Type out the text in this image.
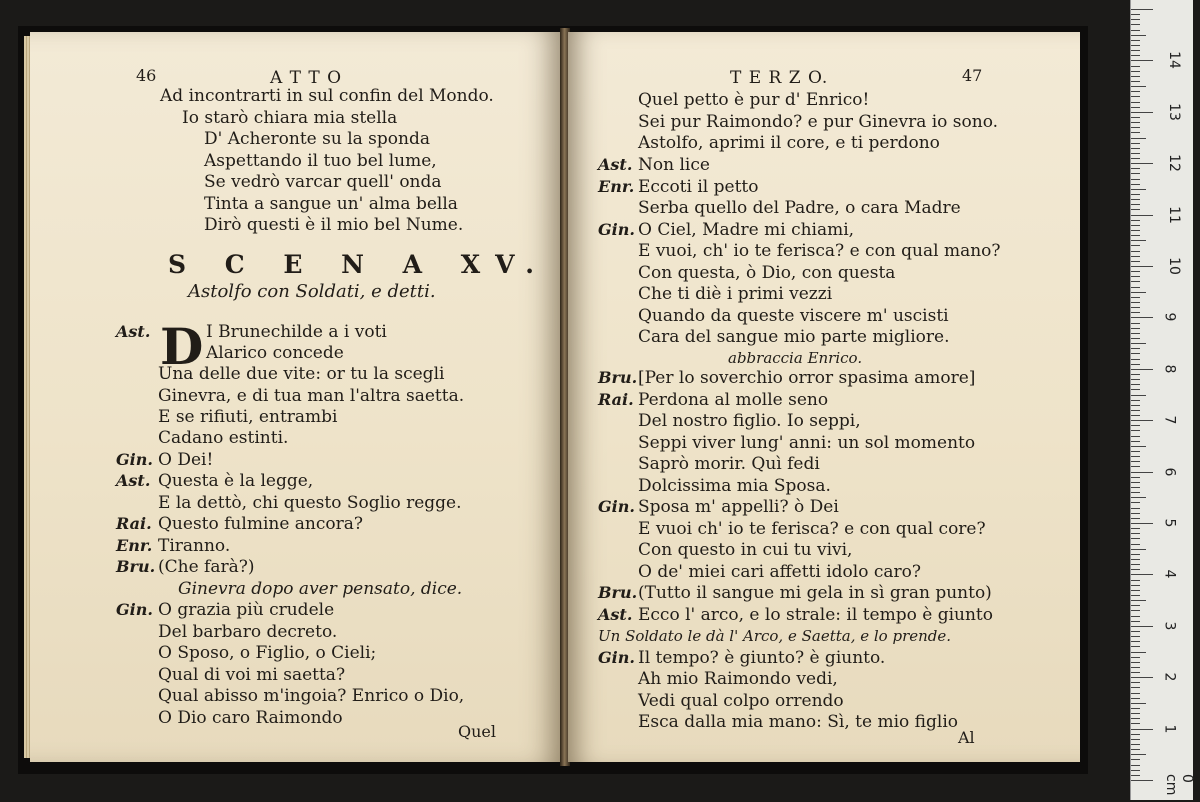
46	A T T O
Ad incontrarti in sul confin del Mondo.
Io starò chiara mia stella
D' Acheronte su la sponda
Aspettando il tuo bel lume,
Se vedrò varcar quell' onda
Tinta a sangue un' alma bella
Dirò questi è il mio bel Nume.
S C E N A XV.
Astolfo con Soldati, e detti.
D
Ast.	I Brunechilde a i voti
Alarico concede
Una delle due vite: or tu la scegli
Ginevra, e di tua man l'altra saetta.
E se rifiuti, entrambi
Cadano estinti.
Gin. O Dei!
Ast. Questa è la legge,
E la dettò, chi questo Soglio regge.
Rai. Questo fulmine ancora?
Enr. Tiranno.
Bru. (Che farà?)
Ginevra dopo aver pensato, dice.
Gin. O grazia più crudele
Del barbaro decreto.
O Sposo, o Figlio, o Cieli;
Qual di voi mi saetta?
Qual abisso m'ingoia? Enrico o Dio,
O Dio caro Raimondo
Quel
T E R Z O.	47
Quel petto è pur d' Enrico!
Sei pur Raimondo? e pur Ginevra io sono.
Astolfo, aprimi il core, e ti perdono
Ast. Non lice
Enr. Eccoti il petto
Serba quello del Padre, o cara Madre
Gin. O Ciel, Madre mi chiami,
E vuoi, ch' io te ferisca? e con qual mano?
Con questa, ò Dio, con questa
Che ti diè i primi vezzi
Quando da queste viscere m' uscisti
Cara del sangue mio parte migliore.
abbraccia Enrico.
Bru. [Per lo soverchio orror spasima amore]
Rai. Perdona al molle seno
Del nostro figlio. Io seppi,
Seppi viver lung' anni: un sol momento
Saprò morir. Quì fedi
Dolcissima mia Sposa.
Gin. Sposa m' appelli? ò Dei
E vuoi ch' io te ferisca? e con qual core?
Con questo in cui tu vivi,
O de' miei cari affetti idolo caro?
Bru. (Tutto il sangue mi gela in sì gran punto)
Ast. Ecco l' arco, e lo strale: il tempo è giunto
Un Soldato le dà l' Arco, e Saetta, e lo prende.
Gin. Il tempo? è giunto? è giunto.
Ah mio Raimondo vedi,
Vedi qual colpo orrendo
Esca dalla mia mano: Sì, te mio figlio
Al
0 cm
1
2
3
4
5
6
7
8
9
10
11
12
13
14
